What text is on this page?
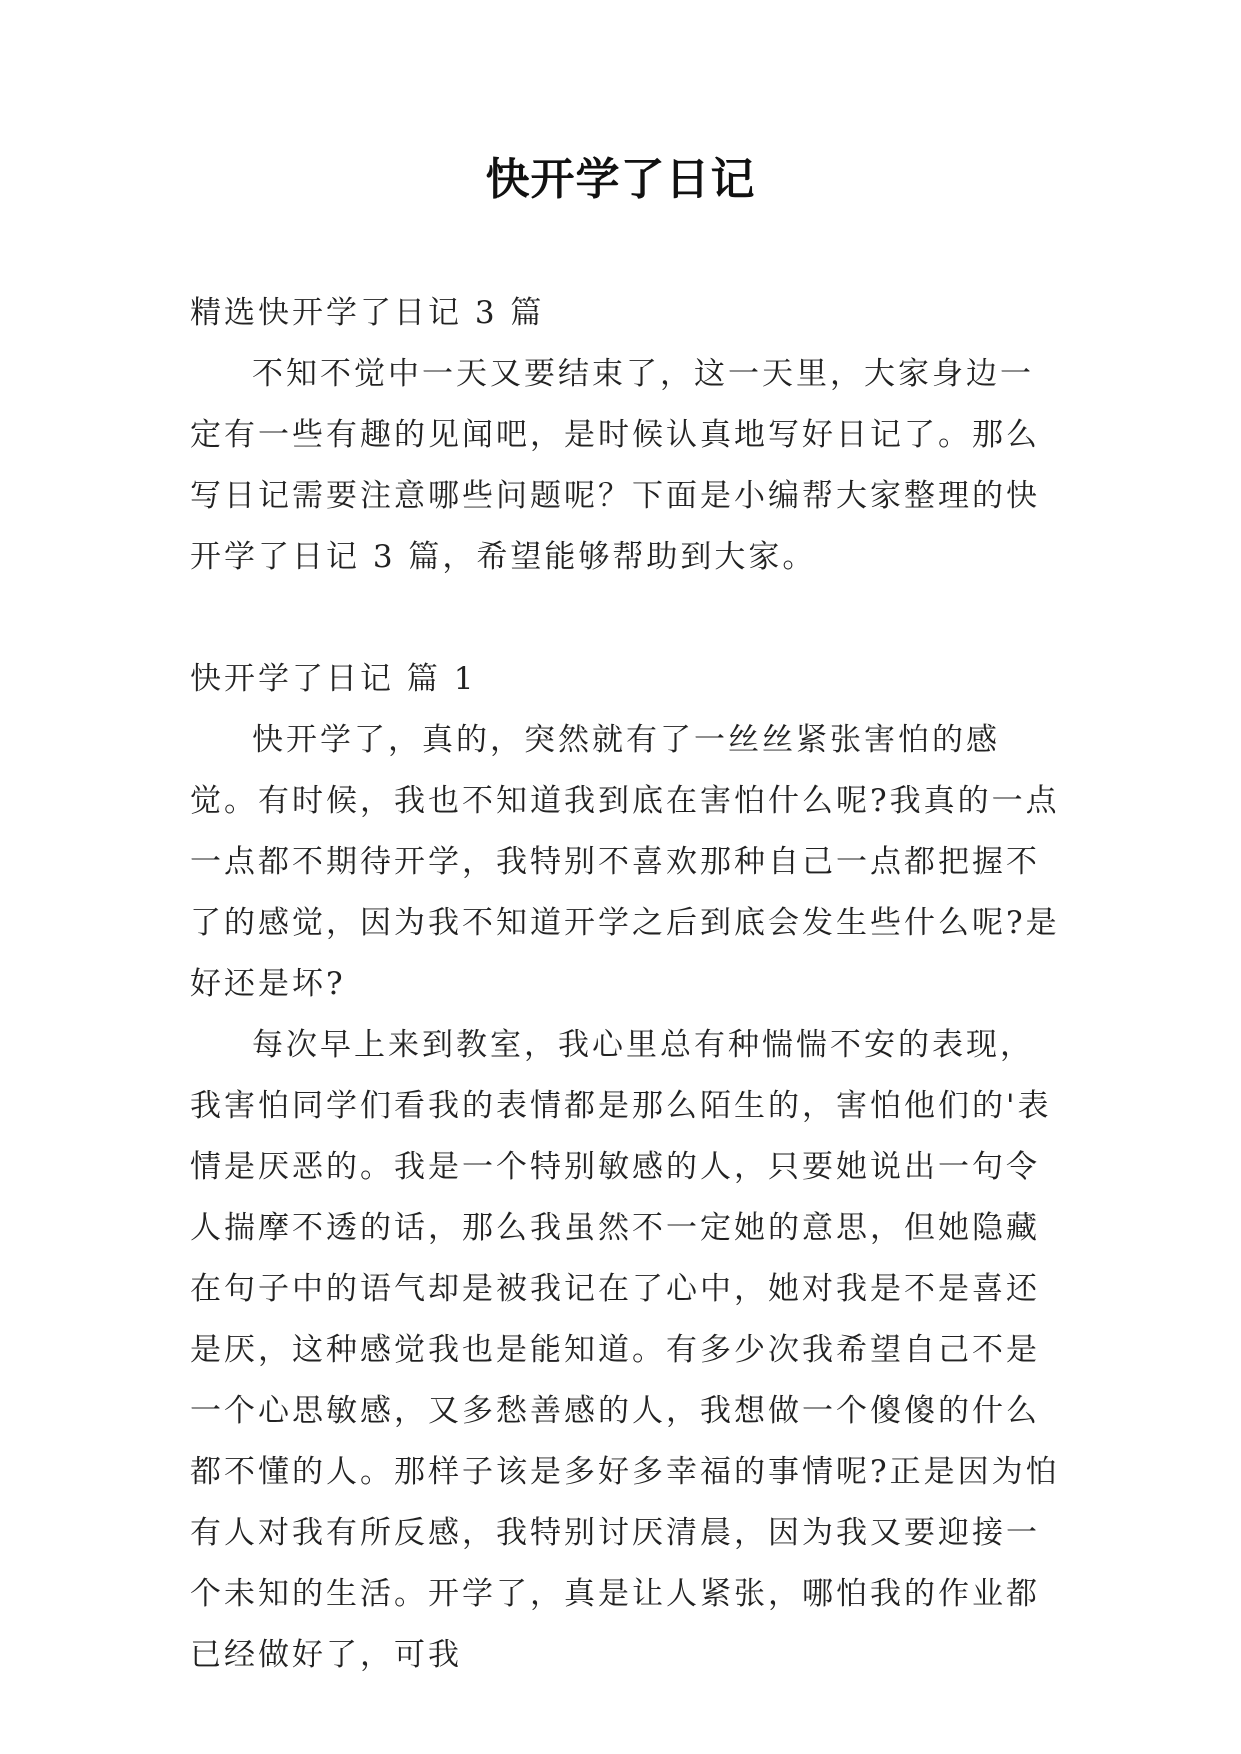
快开学了日记

精选快开学了日记 3 篇

不知不觉中一天又要结束了，这一天里，大家身边一定有一些有趣的见闻吧，是时候认真地写好日记了。那么写日记需要注意哪些问题呢？下面是小编帮大家整理的快开学了日记 3 篇，希望能够帮助到大家。

快开学了日记 篇 1

快开学了，真的，突然就有了一丝丝紧张害怕的感觉。有时候，我也不知道我到底在害怕什么呢?我真的一点一点都不期待开学，我特别不喜欢那种自己一点都把握不了的感觉，因为我不知道开学之后到底会发生些什么呢?是好还是坏?

每次早上来到教室，我心里总有种惴惴不安的表现，我害怕同学们看我的表情都是那么陌生的，害怕他们的'表情是厌恶的。我是一个特别敏感的人，只要她说出一句令人揣摩不透的话，那么我虽然不一定她的意思，但她隐藏在句子中的语气却是被我记在了心中，她对我是不是喜还是厌，这种感觉我也是能知道。有多少次我希望自己不是一个心思敏感，又多愁善感的人，我想做一个傻傻的什么都不懂的人。那样子该是多好多幸福的事情呢?正是因为怕有人对我有所反感，我特别讨厌清晨，因为我又要迎接一个未知的生活。开学了，真是让人紧张，哪怕我的作业都已经做好了，可我
